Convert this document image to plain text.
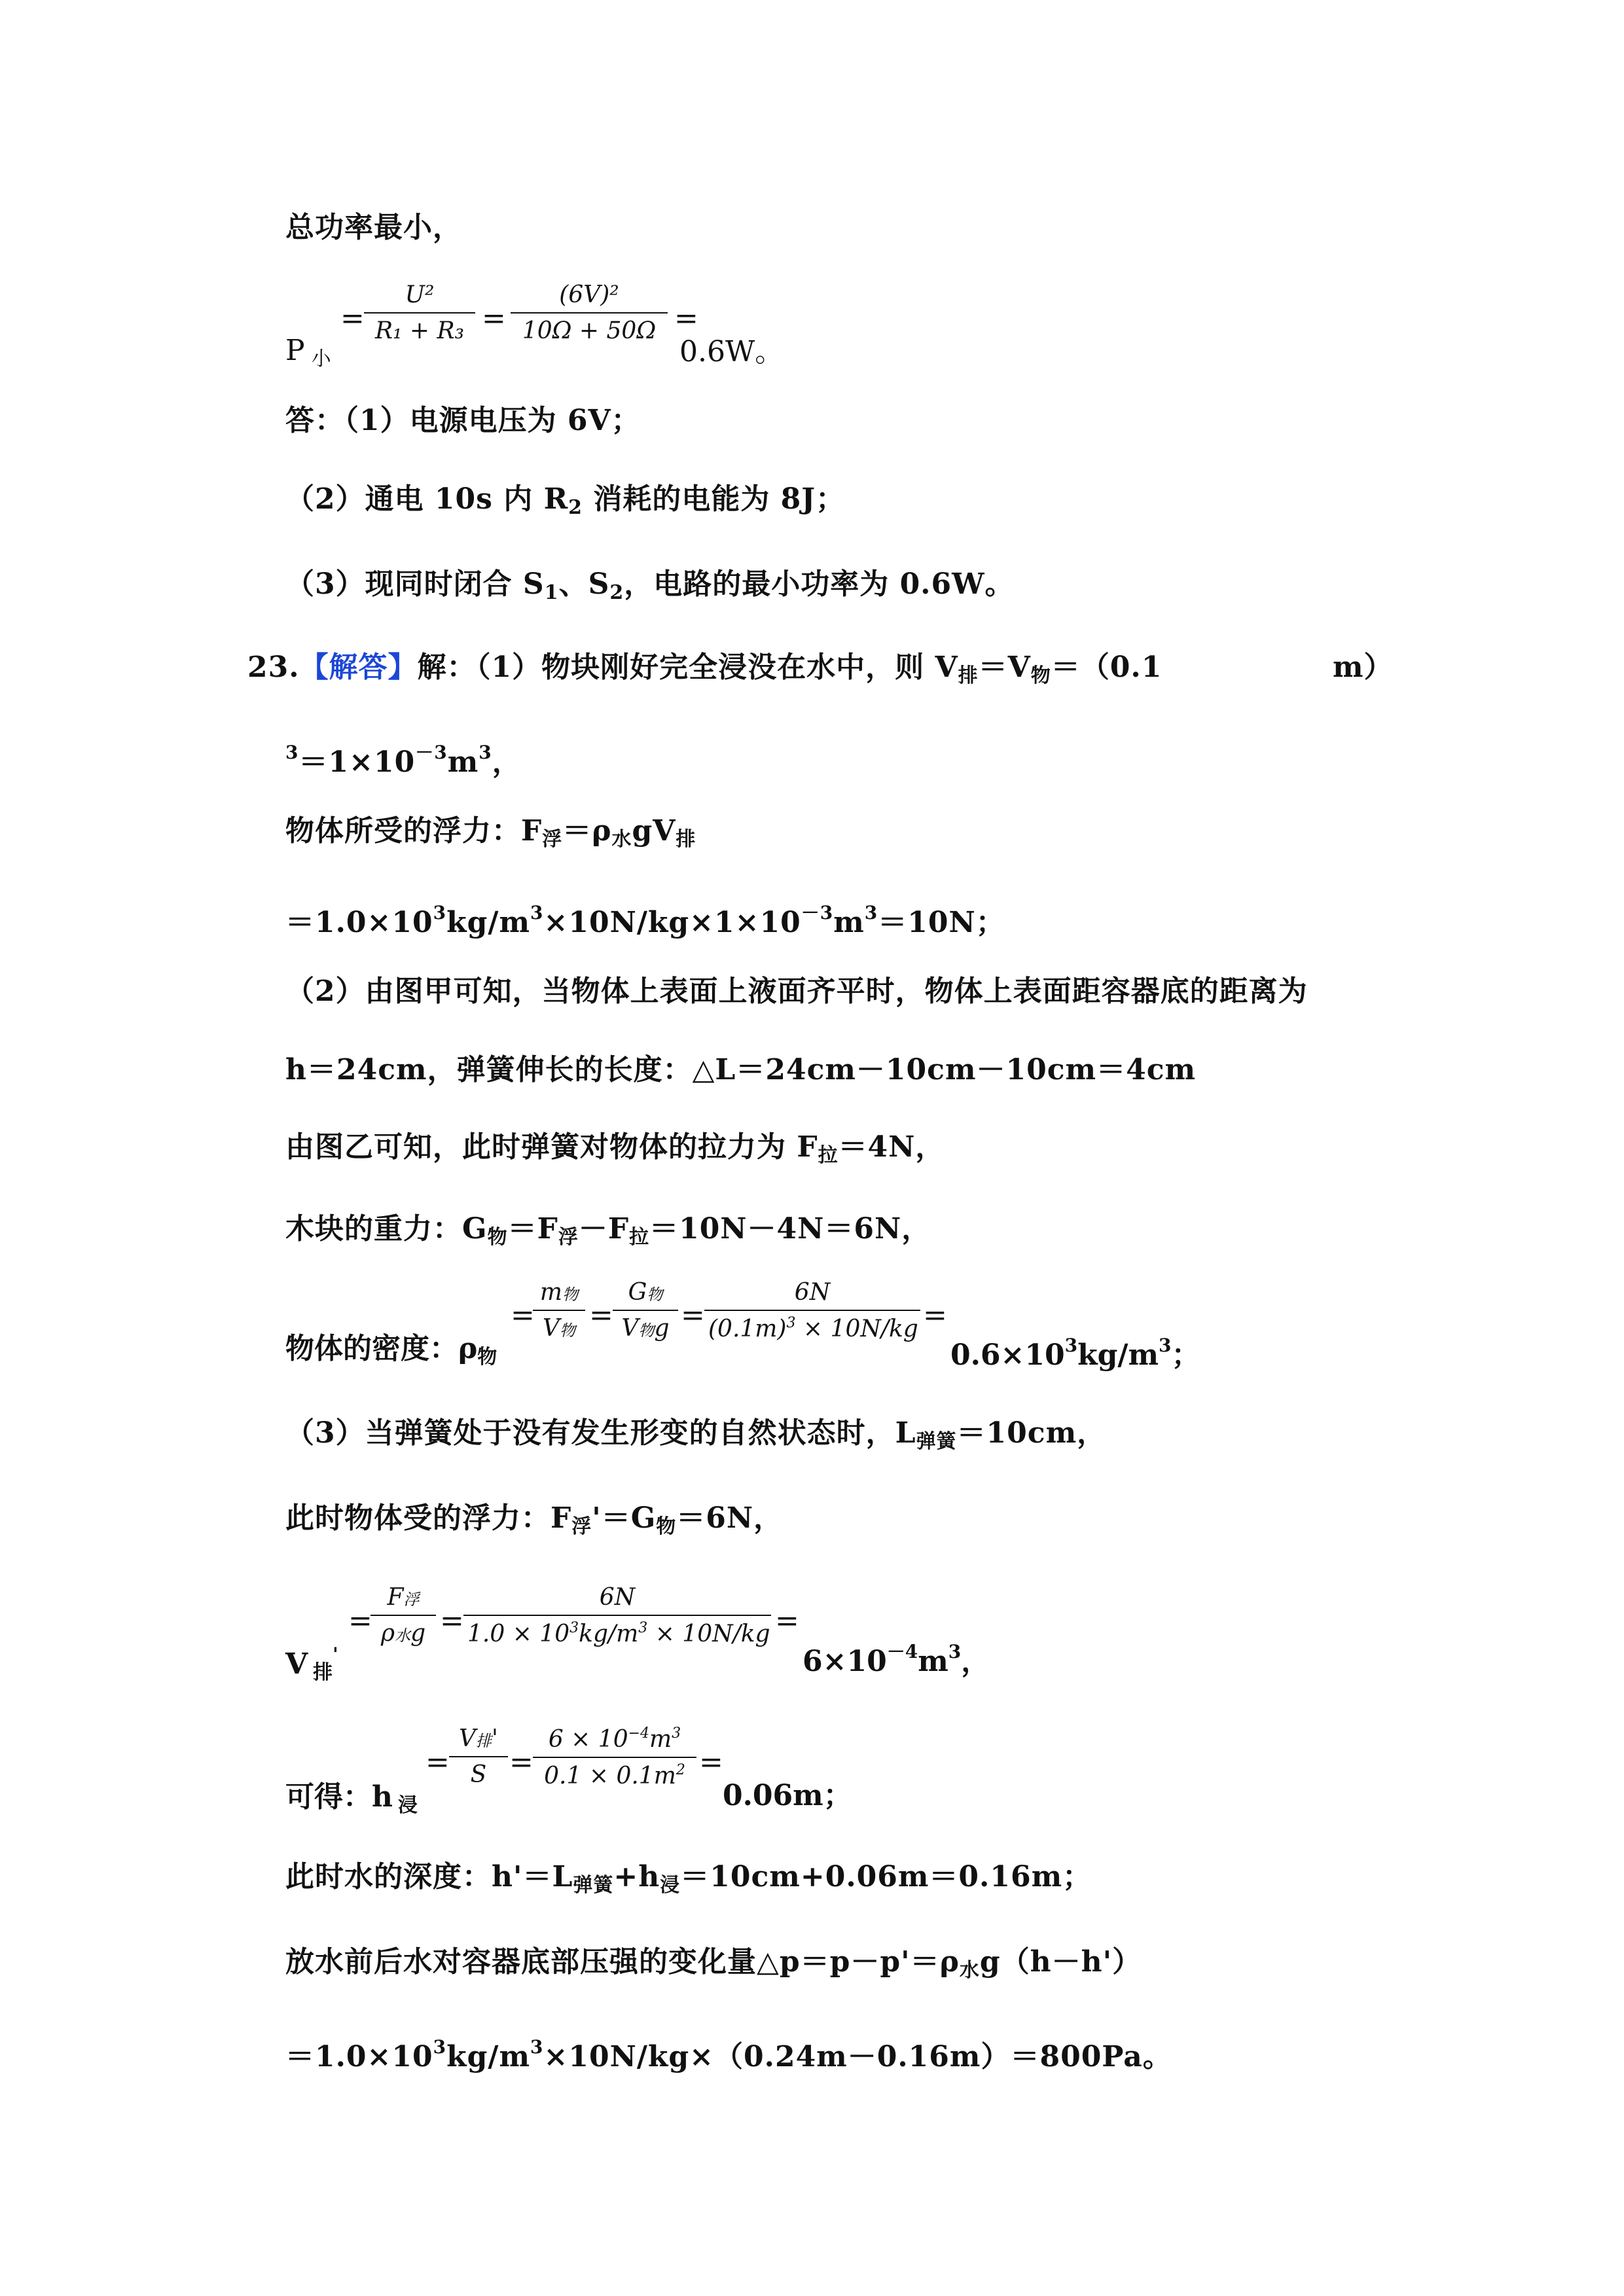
总功率最小，
P $_小$
= $\frac{\text{U²}}{\text{R₁ + R₃}} = \frac{\text{(6V)²}}{10\Omega + 50\Omega}$ =
0.6W。
答：（1）电源电压为 6V；
（2）通电 10s 内 $R_2$ 消耗的电能为 8J；
（3）现同时闭合 $S_1$、$S_2$，电路的最小功率为 0.6W。
23.【解答】解：（1）物块刚好完全浸没在水中，则 $V_排=V_物=(0.1$	m）
$^3=1\times 10^{-3}m^3$，
物体所受的浮力：$F_浮=\rho_水gV_排$
$=1.0\times 10^3kg/m^3\times 10N/kg\times 1\times 10^{-3}m^3=10N$；
（2）由图甲可知，当物体上表面上液面齐平时，物体上表面距容器底的距离为
h＝24cm，弹簧伸长的长度：△L＝24cm－10cm－10cm＝4cm
由图乙可知，此时弹簧对物体的拉力为 $F_拉=4N$，
木块的重力：$G_物=F_浮-F_拉=10N-4N=6N$，
物体的密度：$\rho_物$
=
m物
V物 =
G物
V物$g = \frac{6N}{(0.1m)^3 \times 10N/kg}$ =
$0.6\times 10^3kg/m^3$；
（3）当弹簧处于没有发生形变的自然状态时，$L_{弹簧}=10cm$，
此时物体受的浮力：$F_浮'=G_物=6N$，
V $_排$'
=
F浮
ρ水$g = \frac{6N}{1.0 \times 10^3kg/m^3 \times 10N/kg}$ =
$6\times 10^{-4}m^3$，
可得：h $_浸$
=
V排'
$S = \frac{6 \times 10^{-4}m^3}{0.1 \times 0.1m^2}$ =
0.06m；
此时水的深度：$h'=L_{弹簧}+h_浸=10cm+0.06m=0.16m$；
放水前后水对容器底部压强的变化量$\triangle p=p-p'=\rho_水g(h-h')$
$=1.0\times 10^3kg/m^3\times 10N/kg\times(0.24m-0.16m)=800Pa$。
